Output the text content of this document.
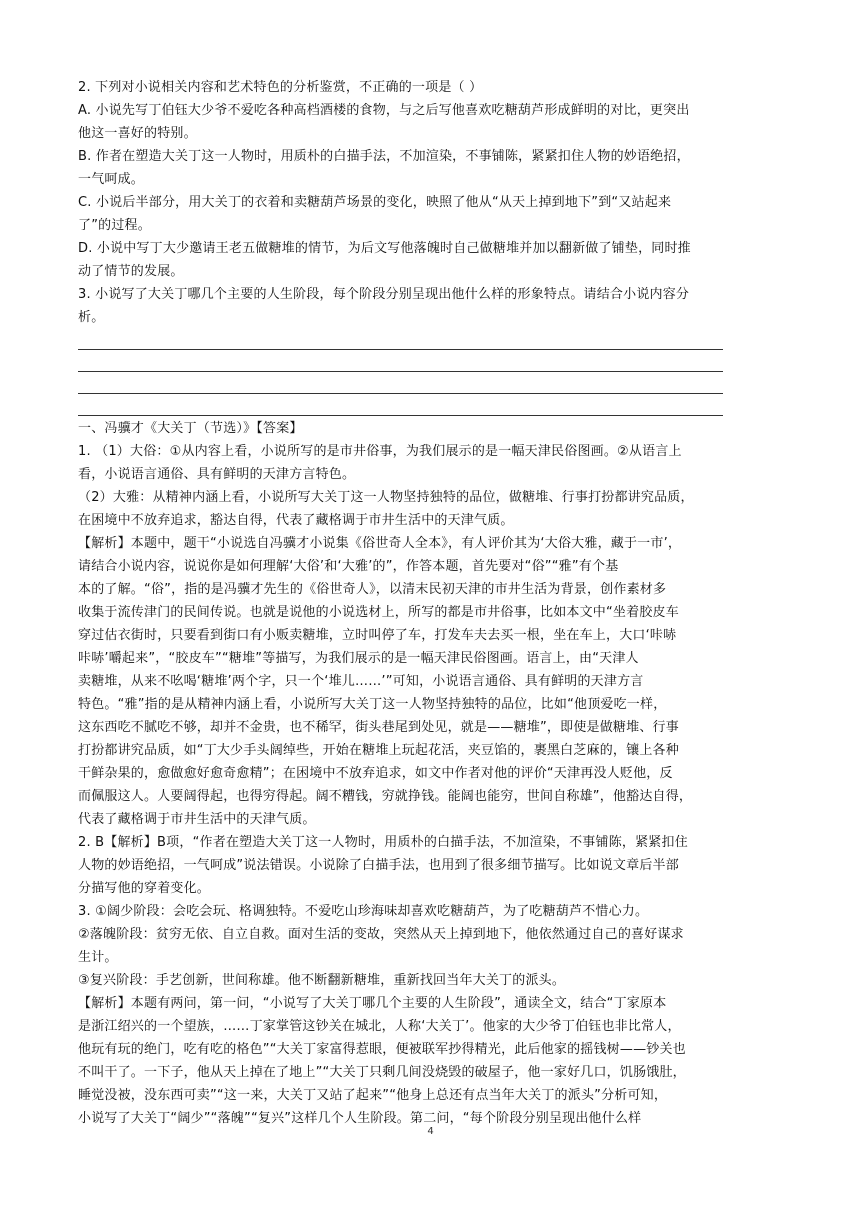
2. 下列对小说相关内容和艺术特色的分析鉴赏，不正确的一项是（ ）
A. 小说先写丁伯钰大少爷不爱吃各种高档酒楼的食物，与之后写他喜欢吃糖葫芦形成鲜明的对比，更突出
他这一喜好的特别。
B. 作者在塑造大关丁这一人物时，用质朴的白描手法，不加渲染，不事铺陈，紧紧扣住人物的妙语绝招，
一气呵成。
C. 小说后半部分，用大关丁的衣着和卖糖葫芦场景的变化，映照了他从“从天上掉到地下”到“又站起来
了”的过程。
D. 小说中写丁大少邀请王老五做糖堆的情节，为后文写他落魄时自己做糖堆并加以翻新做了铺垫，同时推
动了情节的发展。
3. 小说写了大关丁哪几个主要的人生阶段，每个阶段分别呈现出他什么样的形象特点。请结合小说内容分
析。
一、冯骥才《大关丁（节选）》【答案】
1. （1）大俗：①从内容上看，小说所写的是市井俗事，为我们展示的是一幅天津民俗图画。②从语言上
看，小说语言通俗、具有鲜明的天津方言特色。
（2）大雅：从精神内涵上看，小说所写大关丁这一人物坚持独特的品位，做糖堆、行事打扮都讲究品质，
在困境中不放弃追求，豁达自得，代表了藏格调于市井生活中的天津气质。
【解析】本题中，题干“小说选自冯骥才小说集《俗世奇人全本》，有人评价其为‘大俗大雅，藏于一市’，
请结合小说内容，说说你是如何理解‘大俗’和‘大雅’的”，作答本题，首先要对“俗”“雅”有个基
本的了解。“俗”，指的是冯骥才先生的《俗世奇人》，以清末民初天津的市井生活为背景，创作素材多
收集于流传津门的民间传说。也就是说他的小说选材上，所写的都是市井俗事，比如本文中“坐着胶皮车
穿过估衣街时，只要看到街口有小贩卖糖堆，立时叫停了车，打发车夫去买一根，坐在车上，大口‘咔哧
咔哧’嚼起来”，“胶皮车”“糖堆”等描写，为我们展示的是一幅天津民俗图画。语言上，由“天津人
卖糖堆，从来不吆喝‘糖堆’两个字，只一个‘堆儿……’”可知，小说语言通俗、具有鲜明的天津方言
特色。“雅”指的是从精神内涵上看，小说所写大关丁这一人物坚持独特的品位，比如“他顶爱吃一样，
这东西吃不腻吃不够，却并不金贵，也不稀罕，街头巷尾到处见，就是——糖堆”，即使是做糖堆、行事
打扮都讲究品质，如“丁大少手头阔绰些，开始在糖堆上玩起花活，夹豆馅的，裹黑白芝麻的，镶上各种
干鲜杂果的，愈做愈好愈奇愈精”；在困境中不放弃追求，如文中作者对他的评价“天津再没人贬他，反
而佩服这人。人要阔得起，也得穷得起。阔不糟钱，穷就挣钱。能阔也能穷，世间自称雄”，他豁达自得，
代表了藏格调于市井生活中的天津气质。
2. B【解析】B项，“作者在塑造大关丁这一人物时，用质朴的白描手法，不加渲染，不事铺陈，紧紧扣住
人物的妙语绝招，一气呵成”说法错误。小说除了白描手法，也用到了很多细节描写。比如说文章后半部
分描写他的穿着变化。
3. ①阔少阶段：会吃会玩、格调独特。不爱吃山珍海味却喜欢吃糖葫芦，为了吃糖葫芦不惜心力。
②落魄阶段：贫穷无依、自立自救。面对生活的变故，突然从天上掉到地下，他依然通过自己的喜好谋求
生计。
③复兴阶段：手艺创新，世间称雄。他不断翻新糖堆，重新找回当年大关丁的派头。
【解析】本题有两问，第一问，“小说写了大关丁哪几个主要的人生阶段”，通读全文，结合“丁家原本
是浙江绍兴的一个望族，……丁家掌管这钞关在城北，人称‘大关丁’。他家的大少爷丁伯钰也非比常人，
他玩有玩的绝门，吃有吃的格色”“大关丁家富得惹眼，便被联军抄得精光，此后他家的摇钱树——钞关也
不叫干了。一下子，他从天上掉在了地上”“大关丁只剩几间没烧毁的破屋子，他一家好几口，饥肠饿肚，
睡觉没被，没东西可卖”“这一来，大关丁又站了起来”“他身上总还有点当年大关丁的派头”分析可知，
小说写了大关丁“阔少”“落魄”“复兴”这样几个人生阶段。第二问，“每个阶段分别呈现出他什么样
4
